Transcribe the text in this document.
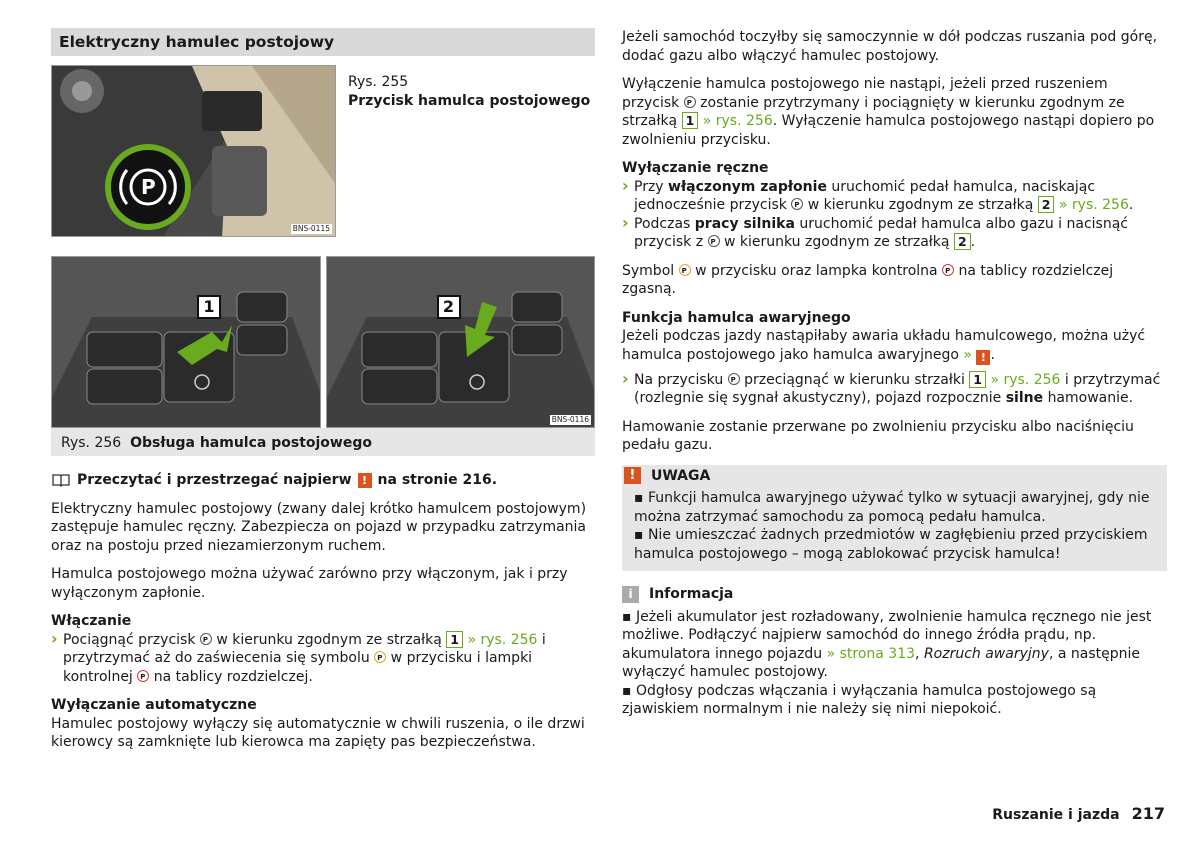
Elektryczny hamulec postojowy
P
BNS-0115
Rys. 255
Przycisk hamulca postojowego
1	2
BNS-0116
Rys. 256 Obsługa hamulca postojowego
Przeczytać i przestrzegać najpierw ! na stronie 216.

Elektryczny hamulec postojowy (zwany dalej krótko hamulcem postojowym) zastępuje hamulec ręczny. Zabezpiecza on pojazd w przypadku zatrzymania oraz na postoju przed niezamierzonym ruchem.

Hamulca postojowego można używać zarówno przy włączonym, jak i przy wyłączonym zapłonie.

Włączanie
› Pociągnąć przycisk P w kierunku zgodnym ze strzałką 1 » rys. 256 i przytrzymać aż do zaświecenia się symbolu P w przycisku i lampki kontrolnej P na tablicy rozdzielczej.
Wyłączanie automatyczne

Hamulec postojowy wyłączy się automatycznie w chwili ruszenia, o ile drzwi kierowcy są zamknięte lub kierowca ma zapięty pas bezpieczeństwa.

Jeżeli samochód toczyłby się samoczynnie w dół podczas ruszania pod górę, dodać gazu albo włączyć hamulec postojowy.

Wyłączenie hamulca postojowego nie nastąpi, jeżeli przed ruszeniem przycisk P zostanie przytrzymany i pociągnięty w kierunku zgodnym ze strzałką 1 » rys. 256. Wyłączenie hamulca postojowego nastąpi dopiero po zwolnieniu przycisku.

Wyłączanie ręczne
› Przy włączonym zapłonie uruchomić pedał hamulca, naciskając jednocześnie przycisk P w kierunku zgodnym ze strzałką 2 » rys. 256.
› Podczas pracy silnika uruchomić pedał hamulca albo gazu i nacisnąć przycisk z P w kierunku zgodnym ze strzałką 2 .

Symbol P w przycisku oraz lampka kontrolna P na tablicy rozdzielczej zgasną.

Funkcja hamulca awaryjnego

Jeżeli podczas jazdy nastąpiłaby awaria układu hamulcowego, można użyć hamulca postojowego jako hamulca awaryjnego » ! .

› Na przycisku P przeciągnąć w kierunku strzałki 1 » rys. 256 i przytrzymać (rozlegnie się sygnał akustyczny), pojazd rozpocznie silne hamowanie.

Hamowanie zostanie przerwane po zwolnieniu przycisku albo naciśnięciu pedału gazu.

!	UWAGA
▪ Funkcji hamulca awaryjnego używać tylko w sytuacji awaryjnej, gdy nie można zatrzymać samochodu za pomocą pedału hamulca.
▪ Nie umieszczać żadnych przedmiotów w zagłębieniu przed przyciskiem hamulca postojowego – mogą zablokować przycisk hamulca!
i	Informacja
▪ Jeżeli akumulator jest rozładowany, zwolnienie hamulca ręcznego nie jest możliwe. Podłączyć najpierw samochód do innego źródła prądu, np. akumulatora innego pojazdu » strona 313, Rozruch awaryjny, a następnie wyłączyć hamulec postojowy.
▪ Odgłosy podczas włączania i wyłączania hamulca postojowego są zjawiskiem normalnym i nie należy się nimi niepokoić.
Ruszanie i jazda 217
